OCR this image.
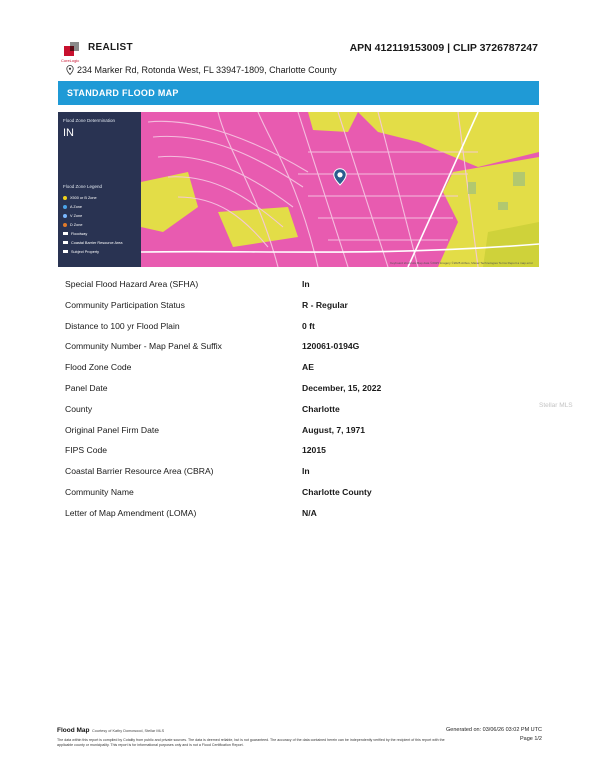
CoreLogic
REALIST	APN 412119153009 | CLIP 3726787247
234 Marker Rd, Rotonda West, FL 33947-1809, Charlotte County
STANDARD FLOOD MAP
Flood Zone Determination
IN
Flood Zone Legend
X500 or B Zone
A Zone
V Zone
D Zone
Floodway
Coastal Barrier Resource Area
Subject Property
Keyboard shortcuts Map data ©2025 Imagery ©2025 Airbus, Maxar Technologies Terms Report a map error
Stellar MLS
Special Flood Hazard Area (SFHA)	In
Community Participation Status	R - Regular
Distance to 100 yr Flood Plain	0 ft
Community Number - Map Panel & Suffix	120061-0194G
Flood Zone Code	AE
Panel Date	December, 15, 2022
County	Charlotte
Original Panel Firm Date	August, 7, 1971
FIPS Code	12015
Coastal Barrier Resource Area (CBRA)	In
Community Name	Charlotte County
Letter of Map Amendment (LOMA)	N/A
Flood Map Courtesy of Kathy Domowood, Stellar MLS
The data within this report is compiled by Cotality from public and private sources. The data is deemed reliable, but is not guaranteed. The accuracy of the data contained herein can be independently verified by the recipient of this report with the applicable county or municipality. This report is for informational purposes only and is not a Flood Certification Report.
Generated on: 03/06/26 03:02 PM UTC
Page 1/2
